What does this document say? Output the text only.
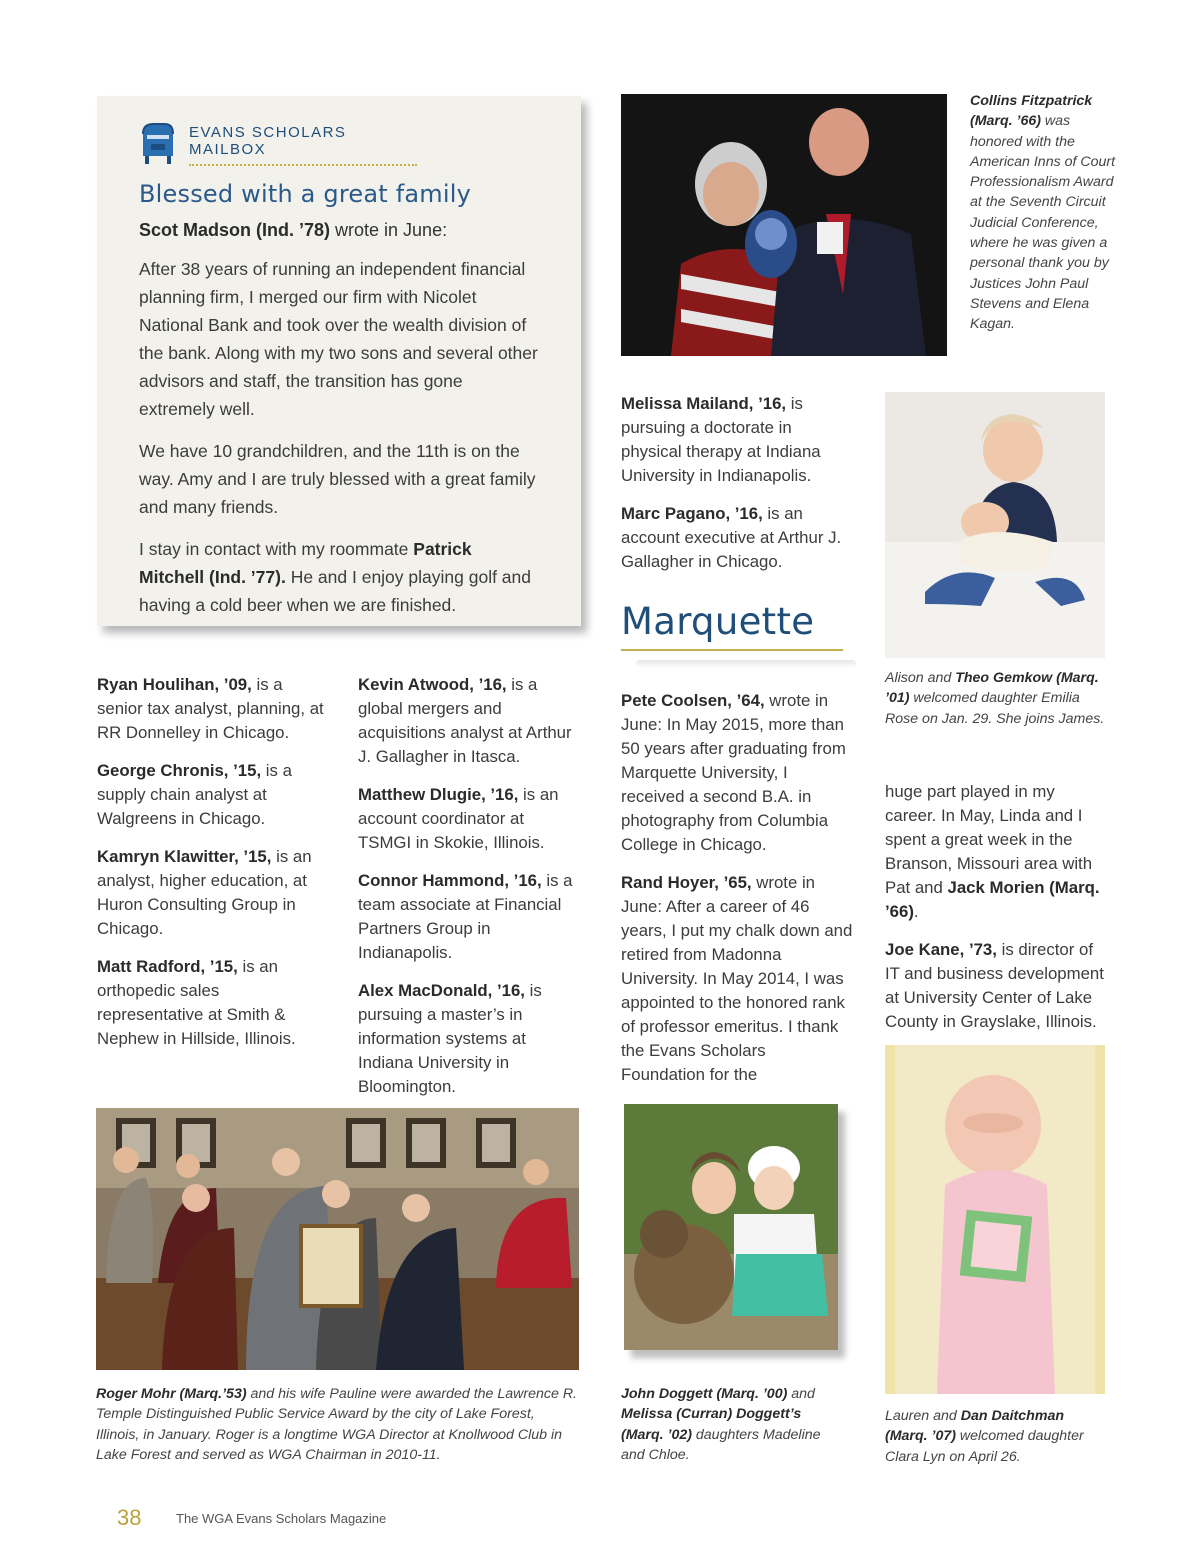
EVANS SCHOLARS MAILBOX
Blessed with a great family

Scot Madson (Ind. ’78) wrote in June:

After 38 years of running an independent financial planning firm, I merged our firm with Nicolet National Bank and took over the wealth division of the bank. Along with my two sons and several other advisors and staff, the transition has gone extremely well.

We have 10 grandchildren, and the 11th is on the way. Amy and I are truly blessed with a great family and many friends.

I stay in contact with my roommate Patrick Mitchell (Ind. ’77). He and I enjoy playing golf and having a cold beer when we are finished.

Collins Fitzpatrick (Marq. ’66) was honored with the American Inns of Court Professionalism Award at the Seventh Circuit Judicial Conference, where he was given a personal thank you by Justices John Paul Stevens and Elena Kagan.

Melissa Mailand, ’16, is pursuing a doctorate in physical therapy at Indiana University in Indianapolis.

Marc Pagano, ’16, is an account executive at Arthur J. Gallagher in Chicago.

Alison and Theo Gemkow (Marq. ’01) welcomed daughter Emilia Rose on Jan. 29. She joins James.
Marquette

Ryan Houlihan, ’09, is a senior tax analyst, planning, at RR Donnelley in Chicago.

George Chronis, ’15, is a supply chain analyst at Walgreens in Chicago.

Kamryn Klawitter, ’15, is an analyst, higher education, at Huron Consulting Group in Chicago.

Matt Radford, ’15, is an orthopedic sales representative at Smith & Nephew in Hillside, Illinois.

Kevin Atwood, ’16, is a global mergers and acquisitions analyst at Arthur J. Gallagher in Itasca.

Matthew Dlugie, ’16, is an account coordinator at TSMGI in Skokie, Illinois.

Connor Hammond, ’16, is a team associate at Financial Partners Group in Indianapolis.

Alex MacDonald, ’16, is pursuing a master’s in information systems at Indiana University in Bloomington.

Pete Coolsen, ’64, wrote in June: In May 2015, more than 50 years after graduating from Marquette University, I received a second B.A. in photography from Columbia College in Chicago.

Rand Hoyer, ’65, wrote in June: After a career of 46 years, I put my chalk down and retired from Madonna University. In May 2014, I was appointed to the honored rank of professor emeritus. I thank the Evans Scholars Foundation for the

huge part played in my career. In May, Linda and I spent a great week in the Branson, Missouri area with Pat and Jack Morien (Marq. ’66).

Joe Kane, ’73, is director of IT and business development at University Center of Lake County in Grayslake, Illinois.

Roger Mohr (Marq.’53) and his wife Pauline were awarded the Lawrence R. Temple Distinguished Public Service Award by the city of Lake Forest, Illinois, in January. Roger is a longtime WGA Director at Knollwood Club in Lake Forest and served as WGA Chairman in 2010-11.
John Doggett (Marq. ’00) and Melissa (Curran) Doggett’s (Marq. ’02) daughters Madeline and Chloe.
Lauren and Dan Daitchman (Marq. ’07) welcomed daughter Clara Lyn on April 26.
38	The WGA Evans Scholars Magazine
